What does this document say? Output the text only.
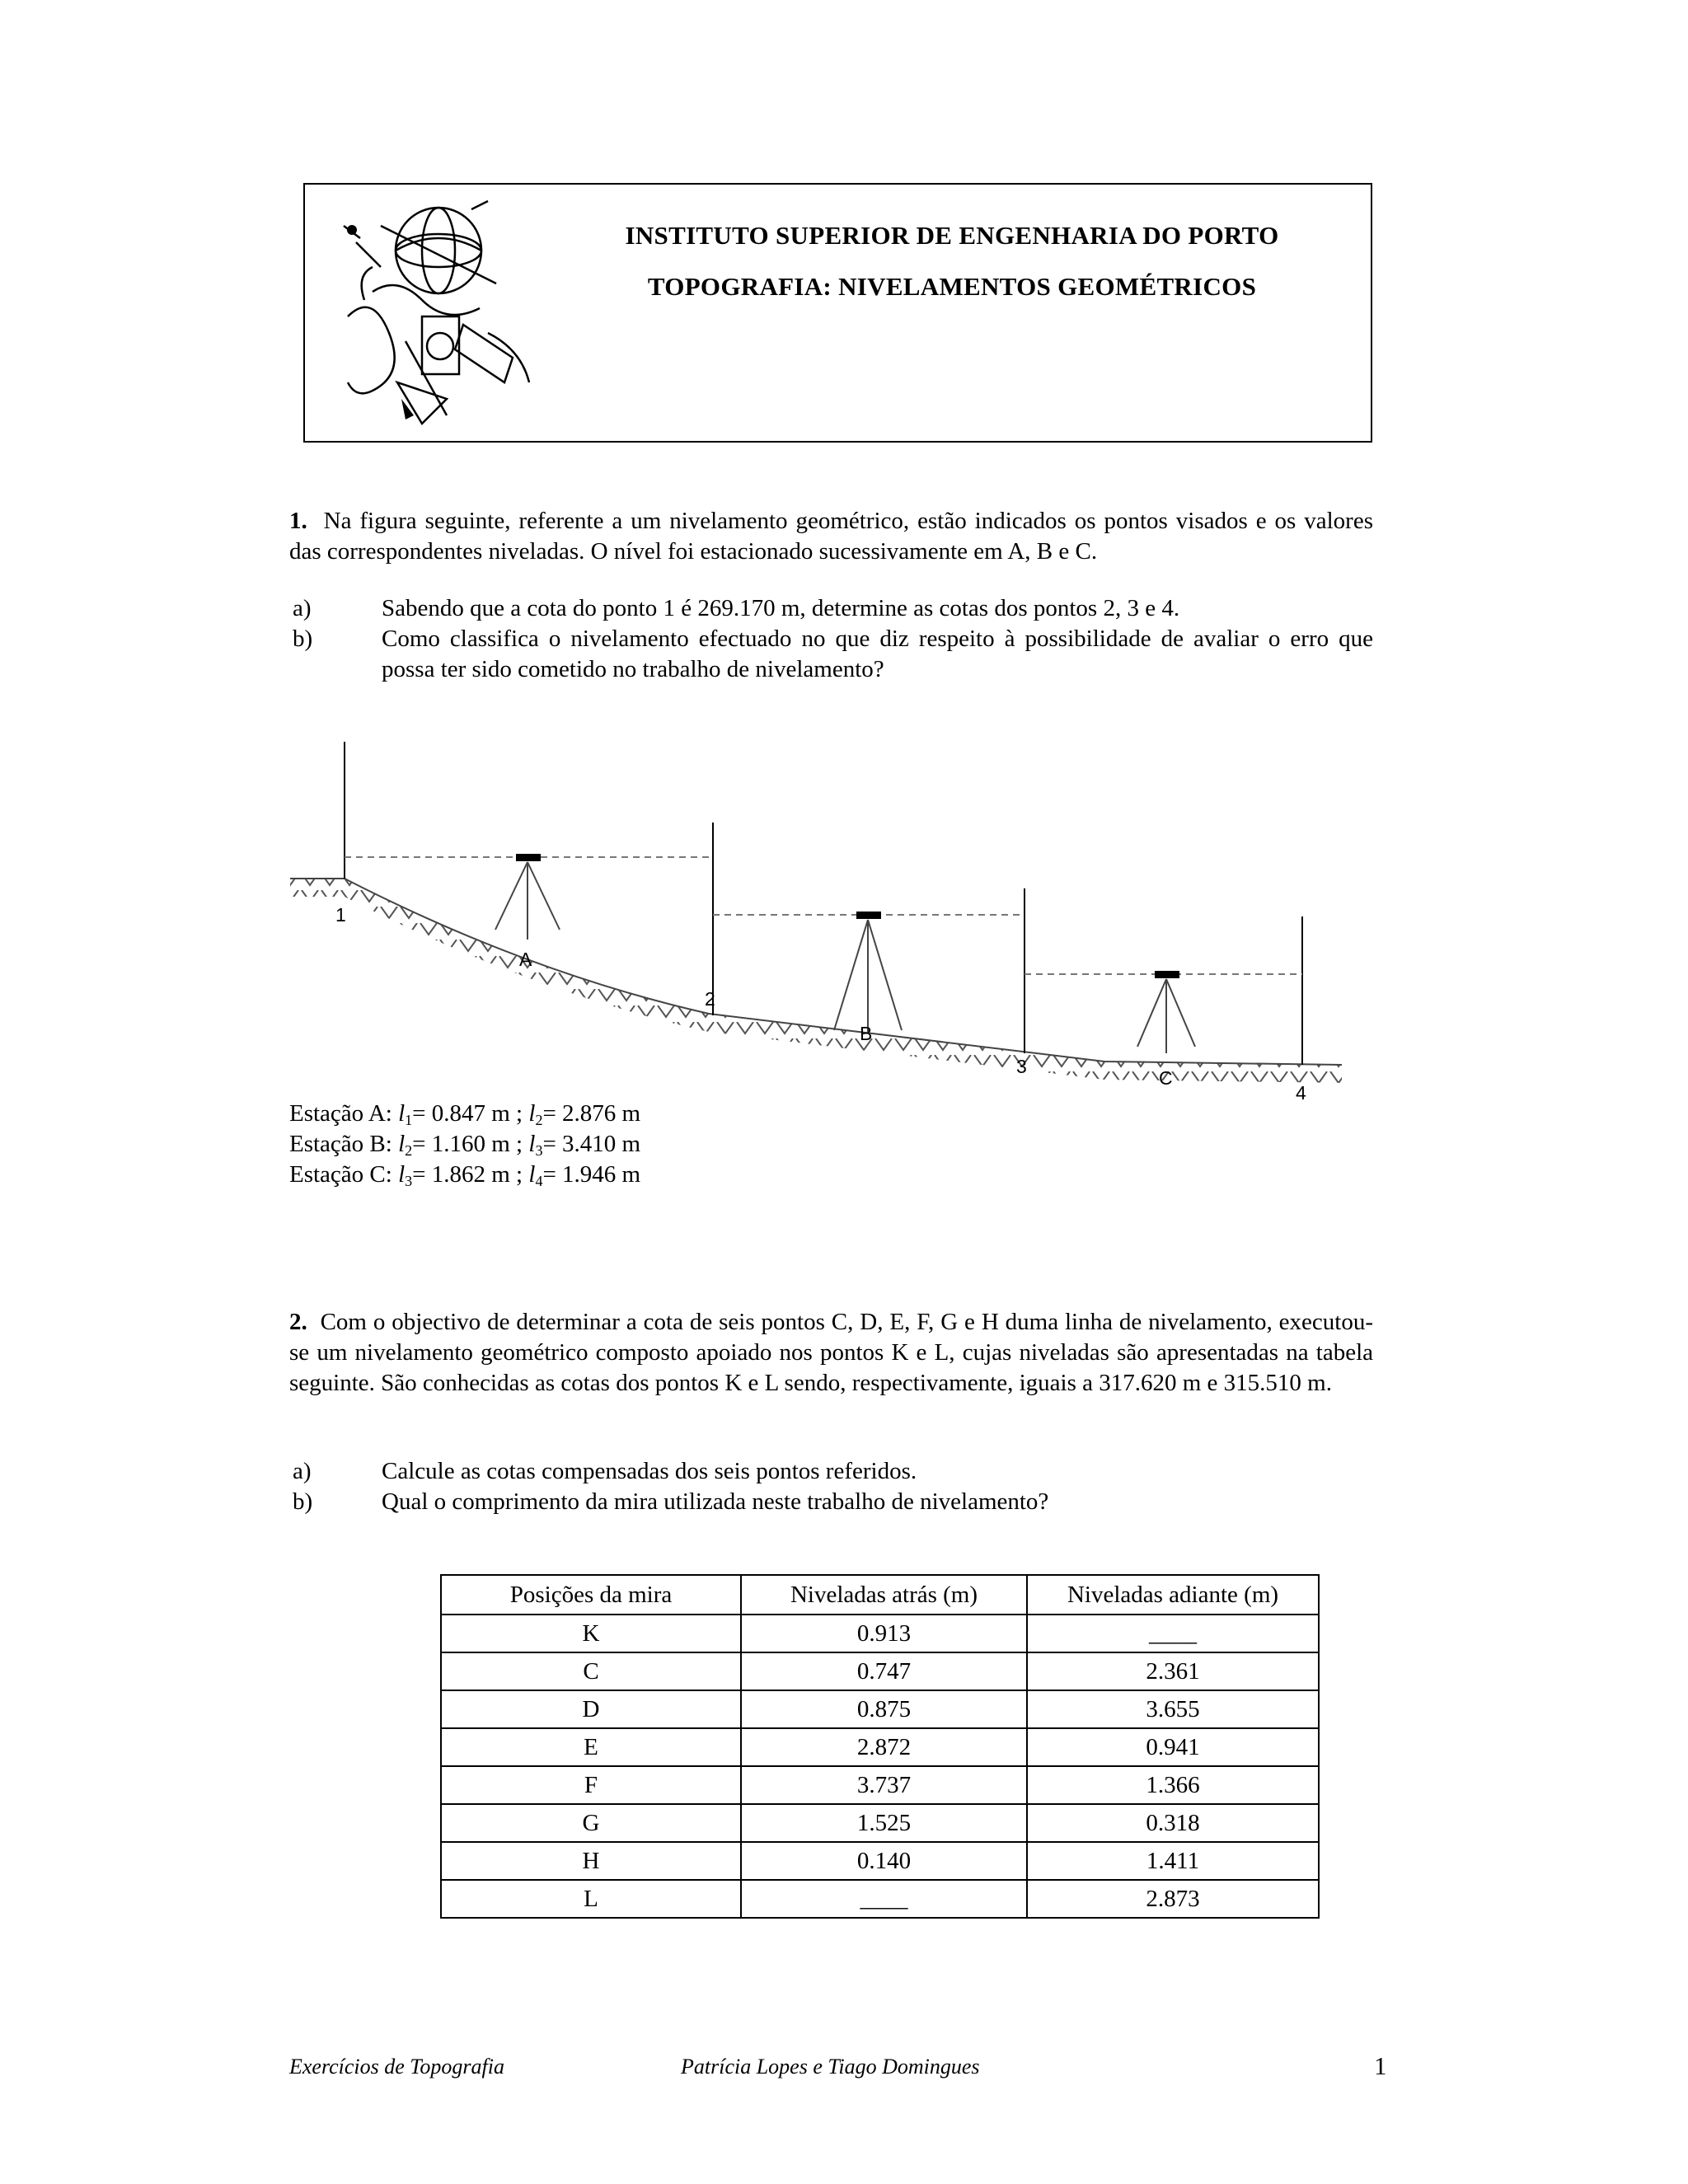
INSTITUTO SUPERIOR DE ENGENHARIA DO PORTO
TOPOGRAFIA: NIVELAMENTOS GEOMÉTRICOS
1. Na figura seguinte, referente a um nivelamento geométrico, estão indicados os pontos visados e os valores das correspondentes niveladas. O nível foi estacionado sucessivamente em A, B e C.
a)	Sabendo que a cota do ponto 1 é 269.170 m, determine as cotas dos pontos 2, 3 e 4.
b)	Como classifica o nivelamento efectuado no que diz respeito à possibilidade de avaliar o erro que possa ter sido cometido no trabalho de nivelamento?
1
2
3
4
A
B
C
Estação A: $l_1= 0.847$ m ; $l_2= 2.876$ m
Estação B: $l_2= 1.160$ m ; $l_3= 3.410$ m
Estação C: $l_3= 1.862$ m ; $l_4= 1.946$ m
2. Com o objectivo de determinar a cota de seis pontos C, D, E, F, G e H duma linha de nivelamento, executou-se um nivelamento geométrico composto apoiado nos pontos K e L, cujas niveladas são apresentadas na tabela seguinte. São conhecidas as cotas dos pontos K e L sendo, respectivamente, iguais a 317.620 m e 315.510 m.
a)	Calcule as cotas compensadas dos seis pontos referidos.
b)	Qual o comprimento da mira utilizada neste trabalho de nivelamento?
Posições da mira	Niveladas atrás (m)	Niveladas adiante (m)
K	0.913	____
C	0.747	2.361
D	0.875	3.655
E	2.872	0.941
F	3.737	1.366
G	1.525	0.318
H	0.140	1.411
L	____	2.873
Exercícios de Topografia	Patrícia Lopes e Tiago Domingues	1
